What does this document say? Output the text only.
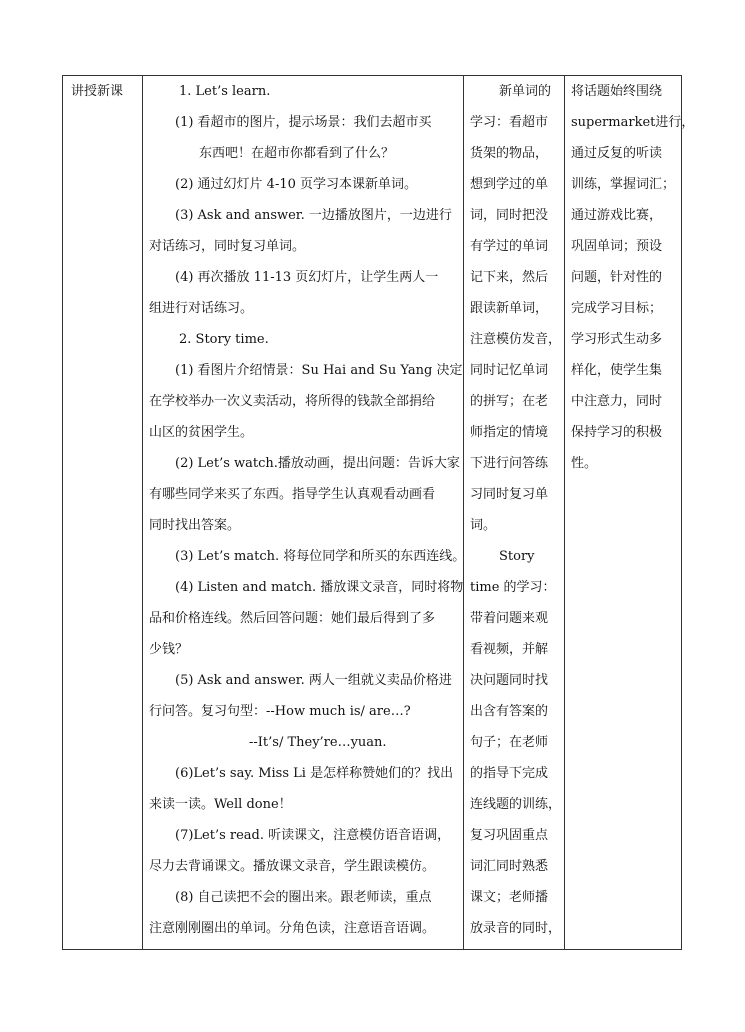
讲授新课	1. Let’s learn.
(1) 看超市的图片，提示场景：我们去超市买
东西吧！在超市你都看到了什么？
(2) 通过幻灯片 4-10 页学习本课新单词。
(3) Ask and answer. 一边播放图片，一边进行
对话练习，同时复习单词。
(4) 再次播放 11-13 页幻灯片，让学生两人一
组进行对话练习。
2. Story time.
(1) 看图片介绍情景：Su Hai and Su Yang 决定
在学校举办一次义卖活动，将所得的钱款全部捐给
山区的贫困学生。
(2) Let’s watch.播放动画，提出问题：告诉大家
有哪些同学来买了东西。指导学生认真观看动画看
同时找出答案。
(3) Let’s match. 将每位同学和所买的东西连线。
(4) Listen and match. 播放课文录音，同时将物
品和价格连线。然后回答问题：她们最后得到了多
少钱？
(5) Ask and answer. 两人一组就义卖品价格进
行问答。复习句型：--How much is/ are…?
--It’s/ They’re…yuan.
(6)Let’s say. Miss Li 是怎样称赞她们的？找出
来读一读。Well done！
(7)Let’s read. 听读课文，注意模仿语音语调，
尽力去背诵课文。播放课文录音，学生跟读模仿。
(8) 自己读把不会的圈出来。跟老师读，重点
注意刚刚圈出的单词。分角色读，注意语音语调。
新单词的
学习：看超市
货架的物品，
想到学过的单
词，同时把没
有学过的单词
记下来，然后
跟读新单词，
注意模仿发音，
同时记忆单词
的拼写；在老
师指定的情境
下进行问答练
习同时复习单
词。
Story
time 的学习：
带着问题来观
看视频，并解
决问题同时找
出含有答案的
句子；在老师
的指导下完成
连线题的训练，
复习巩固重点
词汇同时熟悉
课文；老师播
放录音的同时，
将话题始终围绕
supermarket进行，
通过反复的听读
训练，掌握词汇；
通过游戏比赛，
巩固单词；预设
问题，针对性的
完成学习目标；
学习形式生动多
样化，使学生集
中注意力，同时
保持学习的积极
性。
